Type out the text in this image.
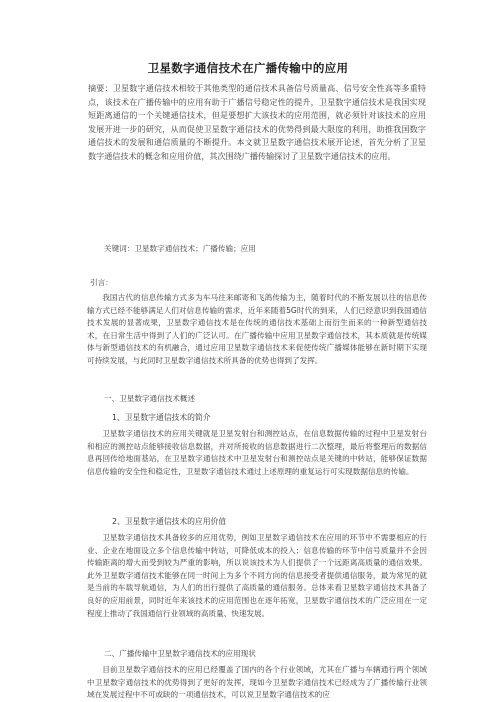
卫星数字通信技术在广播传输中的应用

摘要：卫星数字通信技术相较于其他类型的通信技术具备信号质量高、信号安全性高等多重特点，该技术在广播传输中的应用有助于广播信号稳定性的提升，卫星数字通信技术是我国实现短距离通信的一个关键通信技术，但是要想扩大该技术的应用范围，就必须针对该技术的应用发展开进一步的研究，从而促使卫星数字通信技术的优势得到最大限度的利用，助推我国数字通信技术的发展和通信质量的不断提升。本文就卫星数字通信技术展开论述，首先分析了卫星数字通信技术的概念和应用价值，其次围绕广播传输探讨了卫星数字通信技术的应用。

关键词：卫星数字通信技术；广播传输；应用

引言：

我国古代的信息传输方式多为车马往来邮寄和飞鸽传输为主，随着时代的不断发展以往的信息传输方式已经不能够满足人们对信息传输的需求，近年来随着5G时代的到来，人们已经意识到我国通信技术发展的显著成果，卫星数字通信技术是在传统的通信技术基础上而衍生而来的一种新型通信技术，在日常生活中得到了人们的广泛认可。在广播传输中应用卫星数字通信技术，其本质就是传统媒体与新型通信技术的有机融合，通过应用卫星数字通信技术来促使传统广播媒体能够在新时期下实现可持续发展，与此同时卫星数字通信技术所具备的优势也得到了发挥。

一、卫星数字通信技术概述
1、卫星数字通信技术的简介

卫星数字通信技术的应用关键就是卫星发射台和测控站点，在信息数据传输的过程中卫星发射台和相应的测控站点能够接收信息数据，并对所接收的信息数据进行二次整理，最后将整理后的数据信息再回传给地面基站，在卫星数字通信技术中卫星发射台和测控站点是关键的中转站，能够保证数据信息传输的安全性和稳定性，卫星数字通信技术通过上述原理的重复运行可实现数据信息的传输。

2、卫星数字通信技术的应用价值

卫星数字通信技术具备较多的应用优势，例如卫星数字通信技术在应用的环节中不需要相应的行业、企业在地面设立多个信息传输中转站，可降低成本的投入；信息传输的环节中信号质量并不会因传输距离的增大而受到较为严重的影响，所以说该技术为人们提供了一个远距离高质量的通信效果。此外卫星数字通信技术能够在同一时间上为多个不同方向的信息接受者提供通信服务，最为常见的就是当前的车载导航通信，为人们的出行提供了高质量的通信服务。总体来看卫星数字通信技术具备了良好的应用前景，同时近年来该技术的应用范围也在逐年拓宽，卫星数字通信技术的广泛应用在一定程度上推动了我国通信行业领域的高质量、快速发展。

二、广播传输中卫星数字通信技术的应用现状

目前卫星数字通信技术的应用已经覆盖了国内的各个行业领域，尤其在广播与车辆通行两个领域中卫星数字通信技术的优势得到了更好的发挥，现如今卫星数字通信技术已经成为了广播传输行业领域在发展过程中不可或缺的一项通信技术，可以说卫星数字通信技术的应
